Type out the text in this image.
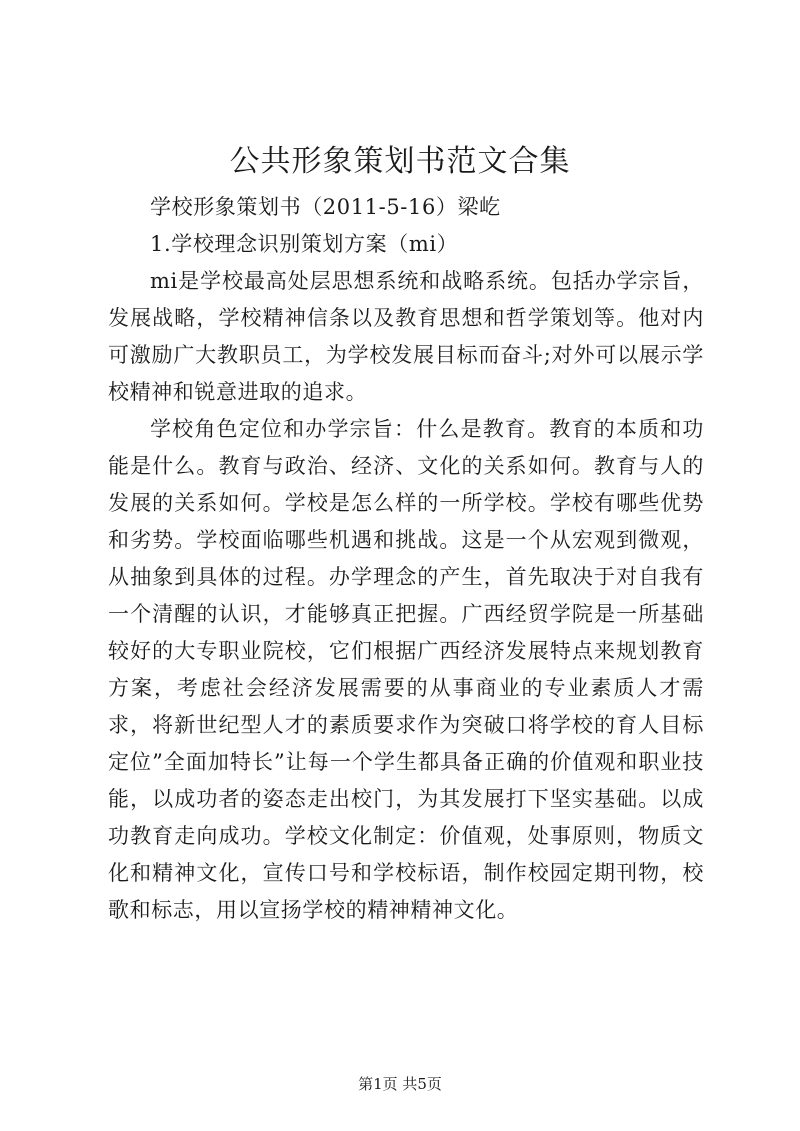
公共形象策划书范文合集

学校形象策划书（2011-5-16）梁屹

1.学校理念识别策划方案（mi）

mi是学校最高处层思想系统和战略系统。包括办学宗旨，发展战略，学校精神信条以及教育思想和哲学策划等。他对内可激励广大教职员工，为学校发展目标而奋斗;对外可以展示学校精神和锐意进取的追求。

学校角色定位和办学宗旨：什么是教育。教育的本质和功能是什么。教育与政治、经济、文化的关系如何。教育与人的发展的关系如何。学校是怎么样的一所学校。学校有哪些优势和劣势。学校面临哪些机遇和挑战。这是一个从宏观到微观，从抽象到具体的过程。办学理念的产生，首先取决于对自我有一个清醒的认识，才能够真正把握。广西经贸学院是一所基础较好的大专职业院校，它们根据广西经济发展特点来规划教育方案，考虑社会经济发展需要的从事商业的专业素质人才需求，将新世纪型人才的素质要求作为突破口将学校的育人目标定位”全面加特长”让每一个学生都具备正确的价值观和职业技能，以成功者的姿态走出校门，为其发展打下坚实基础。以成功教育走向成功。学校文化制定：价值观，处事原则，物质文化和精神文化，宣传口号和学校标语，制作校园定期刊物，校歌和标志，用以宣扬学校的精神精神文化。

第1页 共5页
